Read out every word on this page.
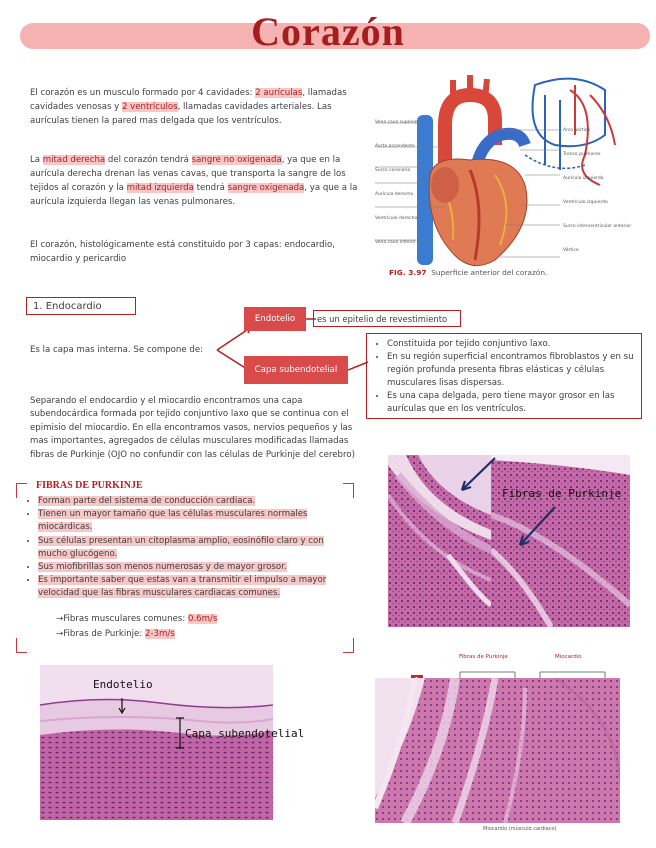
Corazón
El corazón es un musculo formado por 4 cavidades: 2 aurículas, llamadas cavidades venosas y 2 ventrículos, llamadas cavidades arteriales. Las aurículas tienen la pared mas delgada que los ventrículos.
La mitad derecha del corazón tendrá sangre no oxigenada, ya que en la aurícula derecha drenan las venas cavas, que transporta la sangre de los tejidos al corazón y la mitad izquierda tendrá sangre oxigenada, ya que a la aurícula izquierda llegan las venas pulmonares.
El corazón, histológicamente está constituido por 3 capas: endocardio, miocardio y pericardio
Vena cava superior
Aorta ascendente
Surco coronario
Aurícula derecha
Ventrículo derecho
Vena cava inferior
Arco aórtico
Tronco pulmonar
Aurícula izquierda
Ventrículo izquierdo
Surco interventricular anterior
Vértice
FIG. 3.97 Superficie anterior del corazón.
1. Endocardio
Es la capa mas interna. Se compone de:
Endotelio	es un epitelio de revestimiento
Capa subendotelial
• Constituida por tejido conjuntivo laxo.
• En su región superficial encontramos fibroblastos y en su región profunda presenta fibras elásticas y células musculares lisas dispersas.
• Es una capa delgada, pero tiene mayor grosor en las aurículas que en los ventrículos.
Separando el endocardio y el miocardio encontramos una capa subendocárdica formada por tejido conjuntivo laxo que se continua con el epimisio del miocardio. En ella encontramos vasos, nervios pequeños y las mas importantes, agregados de células musculares modificadas llamadas fibras de Purkinje (OJO no confundir con las células de Purkinje del cerebro)
FIBRAS DE PURKINJE
• Forman parte del sistema de conducción cardiaca.
• Tienen un mayor tamaño que las células musculares normales miocárdicas.
• Sus células presentan un citoplasma amplio, eosinófilo claro y con mucho glucógeno.
• Sus miofibrillas son menos numerosas y de mayor grosor.
• Es importante saber que estas van a transmitir el impulso a mayor velocidad que las fibras musculares cardiacas comunes.
→Fibras musculares comunes: 0.6m/s
→Fibras de Purkinje: 2-3m/s
Fibras de Purkinje
Endotelio
Capa subendotelial
Fibras de Purkinje	Miocardio
Miocardio (músculo cardíaco)
